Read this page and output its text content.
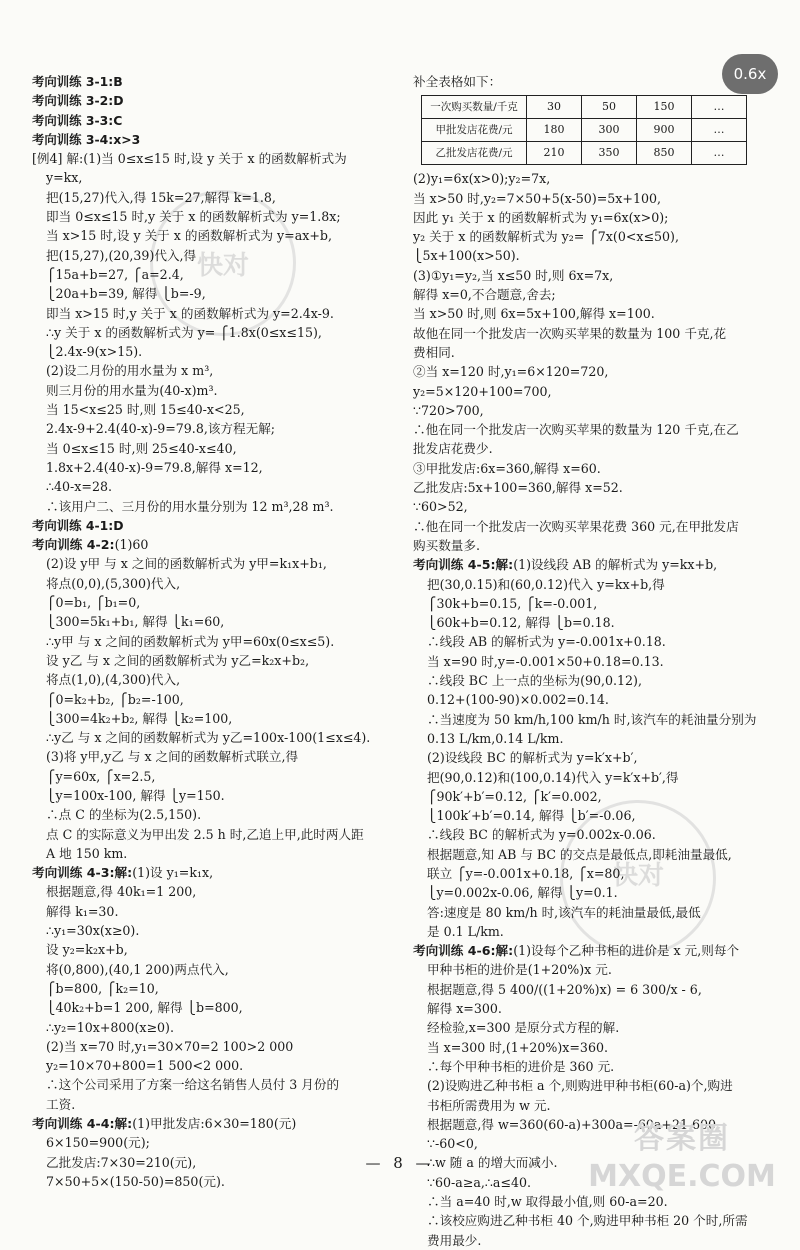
0.6x
快对
快对
考向训练 3-1:B
考向训练 3-2:D
考向训练 3-3:C
考向训练 3-4:x>3
[例4] 解:(1)当 0≤x≤15 时,设 y 关于 x 的函数解析式为
y=kx,
把(15,27)代入,得 15k=27,解得 k=1.8,
即当 0≤x≤15 时,y 关于 x 的函数解析式为 y=1.8x;
当 x>15 时,设 y 关于 x 的函数解析式为 y=ax+b,
把(15,27),(20,39)代入,得
⎧15a+b=27, ⎧a=2.4,
⎩20a+b=39, 解得 ⎩b=-9,
即当 x>15 时,y 关于 x 的函数解析式为 y=2.4x-9.
∴y 关于 x 的函数解析式为 y= ⎧1.8x(0≤x≤15),
⎩2.4x-9(x>15).
(2)设二月份的用水量为 x m³,
则三月份的用水量为(40-x)m³.
当 15<x≤25 时,则 15≤40-x<25,
2.4x-9+2.4(40-x)-9=79.8,该方程无解;
当 0≤x≤15 时,则 25≤40-x≤40,
1.8x+2.4(40-x)-9=79.8,解得 x=12,
∴40-x=28.
∴该用户二、三月份的用水量分别为 12 m³,28 m³.
考向训练 4-1:D
考向训练 4-2:(1)60
(2)设 y甲 与 x 之间的函数解析式为 y甲=k₁x+b₁,
将点(0,0),(5,300)代入,
⎧0=b₁, ⎧b₁=0,
⎩300=5k₁+b₁, 解得 ⎩k₁=60,
∴y甲 与 x 之间的函数解析式为 y甲=60x(0≤x≤5).
设 y乙 与 x 之间的函数解析式为 y乙=k₂x+b₂,
将点(1,0),(4,300)代入,
⎧0=k₂+b₂, ⎧b₂=-100,
⎩300=4k₂+b₂, 解得 ⎩k₂=100,
∴y乙 与 x 之间的函数解析式为 y乙=100x-100(1≤x≤4).
(3)将 y甲,y乙 与 x 之间的函数解析式联立,得
⎧y=60x, ⎧x=2.5,
⎩y=100x-100, 解得 ⎩y=150.
∴点 C 的坐标为(2.5,150).
点 C 的实际意义为甲出发 2.5 h 时,乙追上甲,此时两人距
A 地 150 km.
考向训练 4-3:解:(1)设 y₁=k₁x,
根据题意,得 40k₁=1 200,
解得 k₁=30.
∴y₁=30x(x≥0).
设 y₂=k₂x+b,
将(0,800),(40,1 200)两点代入,
⎧b=800, ⎧k₂=10,
⎩40k₂+b=1 200, 解得 ⎩b=800,
∴y₂=10x+800(x≥0).
(2)当 x=70 时,y₁=30×70=2 100>2 000
y₂=10×70+800=1 500<2 000.
∴这个公司采用了方案一给这名销售人员付 3 月份的
工资.
考向训练 4-4:解:(1)甲批发店:6×30=180(元)
6×150=900(元);
乙批发店:7×30=210(元),
7×50+5×(150-50)=850(元).
补全表格如下：
一次购买数量/千克	30	50	150	…
甲批发店花费/元	180	300	900	…
乙批发店花费/元	210	350	850	…
(2)y₁=6x(x>0);y₂=7x,
当 x>50 时,y₂=7×50+5(x-50)=5x+100,
因此 y₁ 关于 x 的函数解析式为 y₁=6x(x>0);
y₂ 关于 x 的函数解析式为 y₂= ⎧7x(0<x≤50),
⎩5x+100(x>50).
(3)①y₁=y₂,当 x≤50 时,则 6x=7x,
解得 x=0,不合题意,舍去;
当 x>50 时,则 6x=5x+100,解得 x=100.
故他在同一个批发店一次购买苹果的数量为 100 千克,花
费相同.
②当 x=120 时,y₁=6×120=720,
y₂=5×120+100=700,
∵720>700,
∴他在同一个批发店一次购买苹果的数量为 120 千克,在乙
批发店花费少.
③甲批发店:6x=360,解得 x=60.
乙批发店:5x+100=360,解得 x=52.
∵60>52,
∴他在同一个批发店一次购买苹果花费 360 元,在甲批发店
购买数量多.
考向训练 4-5:解:(1)设线段 AB 的解析式为 y=kx+b,
把(30,0.15)和(60,0.12)代入 y=kx+b,得
⎧30k+b=0.15, ⎧k=-0.001,
⎩60k+b=0.12, 解得 ⎩b=0.18.
∴线段 AB 的解析式为 y=-0.001x+0.18.
当 x=90 时,y=-0.001×50+0.18=0.13.
∴线段 BC 上一点的坐标为(90,0.12),
0.12+(100-90)×0.002=0.14.
∴当速度为 50 km/h,100 km/h 时,该汽车的耗油量分别为
0.13 L/km,0.14 L/km.
(2)设线段 BC 的解析式为 y=k′x+b′,
把(90,0.12)和(100,0.14)代入 y=k′x+b′,得
⎧90k′+b′=0.12, ⎧k′=0.002,
⎩100k′+b′=0.14, 解得 ⎩b′=-0.06,
∴线段 BC 的解析式为 y=0.002x-0.06.
根据题意,知 AB 与 BC 的交点是最低点,即耗油量最低,
联立 ⎧y=-0.001x+0.18, ⎧x=80,
⎩y=0.002x-0.06, 解得 ⎩y=0.1.
答:速度是 80 km/h 时,该汽车的耗油量最低,最低
是 0.1 L/km.
考向训练 4-6:解:(1)设每个乙种书柜的进价是 x 元,则每个
甲种书柜的进价是(1+20%)x 元.
根据题意,得 5 400/((1+20%)x) = 6 300/x - 6,
解得 x=300.
经检验,x=300 是原分式方程的解.
当 x=300 时,(1+20%)x=360.
∴每个甲种书柜的进价是 360 元.
(2)设购进乙种书柜 a 个,则购进甲种书柜(60-a)个,购进
书柜所需费用为 w 元.
根据题意,得 w=360(60-a)+300a=-60a+21 600.
∵-60<0,
∴w 随 a 的增大而减小.
∵60-a≥a,∴a≤40.
∴当 a=40 时,w 取得最小值,则 60-a=20.
∴该校应购进乙种书柜 40 个,购进甲种书柜 20 个时,所需
费用最少.
— 8 —
答案圈
MXQE.COM
